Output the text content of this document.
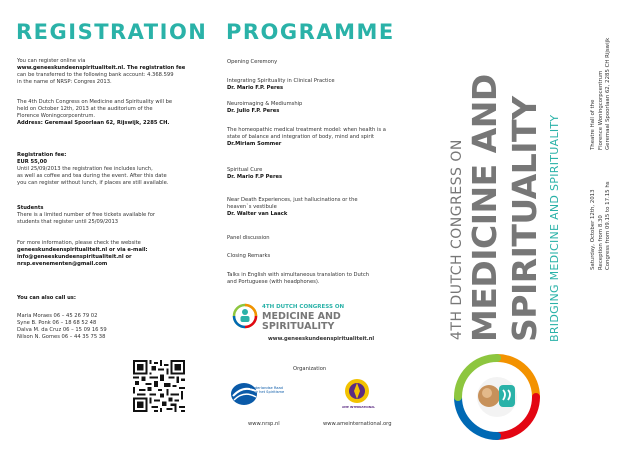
REGISTRATION
You can register online via
www.geneeskundeenspiritualiteit.nl. The registration fee
can be transferred to the following bank account: 4.368.599
in the name of NRSP: Congres 2013.
The 4th Dutch Congress on Medicine and Spirituality will be
held on October 12th, 2013 at the auditorium of the
Florence Woningcorpcentrum.
Address: Geremaal Spoorlaan 62, Rijswijk, 2285 CH.
Registration fee:
EUR 55,00
Until 25/09/2013 the registration fee includes lunch,
as well as coffee and tea during the event. After this date
you can register without lunch, if places are still available.
Students
There is a limited number of free tickets available for
students that register until 25/09/2013
For more information, please check the website
geneeskundeenspiritualiteit.nl or via e-mail:
info@geneeskundeenspiritualiteit.nl or
nrsp.evenementen@gmail.com
You can also call us:
Maria Moraes 06 – 45 26 79 02
Syne B. Ponk 06 – 18 68 52 48
Dalva M. da Cruz 06 – 15 09 16 59
Nilson N. Gomes 06 – 44 35 75 38
PROGRAMME
Opening Ceremony
Integrating Spirituality in Clinical Practice
Dr. Mario F.P. Peres
Neuroimaging & Mediumship
Dr. Julio F.P. Peres
The homeopathic medical treatment model: when health is a
state of balance and integration of body, mind and spirit
Dr.Miriam Sommer
Spiritual Cure
Dr. Mario F.P Peres
Near Death Experiences, just hallucinations or the
heaven`s vestibule
Dr. Walter van Laack
Panel discussion
Closing Remarks
Talks in English with simultaneous translation to Dutch
and Portuguese (with headphones).
4TH DUTCH CONGRESS ON
MEDICINE AND
SPIRITUALITY
www.geneeskundeenspiritualiteit.nl
Organization
Nederlandse Raad
voor het Spiritisme
AME INTERNATIONAL
www.nrsp.nl	www.ameinternational.org
4TH DUTCH CONGRESS ON MEDICINE AND SPIRITUALITY BRIDGING MEDICINE AND SPIRITUALITY	Saturday, October 12th, 2013 Reception from 8.30 Congress from 09.15 to 17.15 hs
Theatre Hall of the Florence Woningcorpcentrum Geremaal Spoorlaan 62, 2285 CH Rijswijk
